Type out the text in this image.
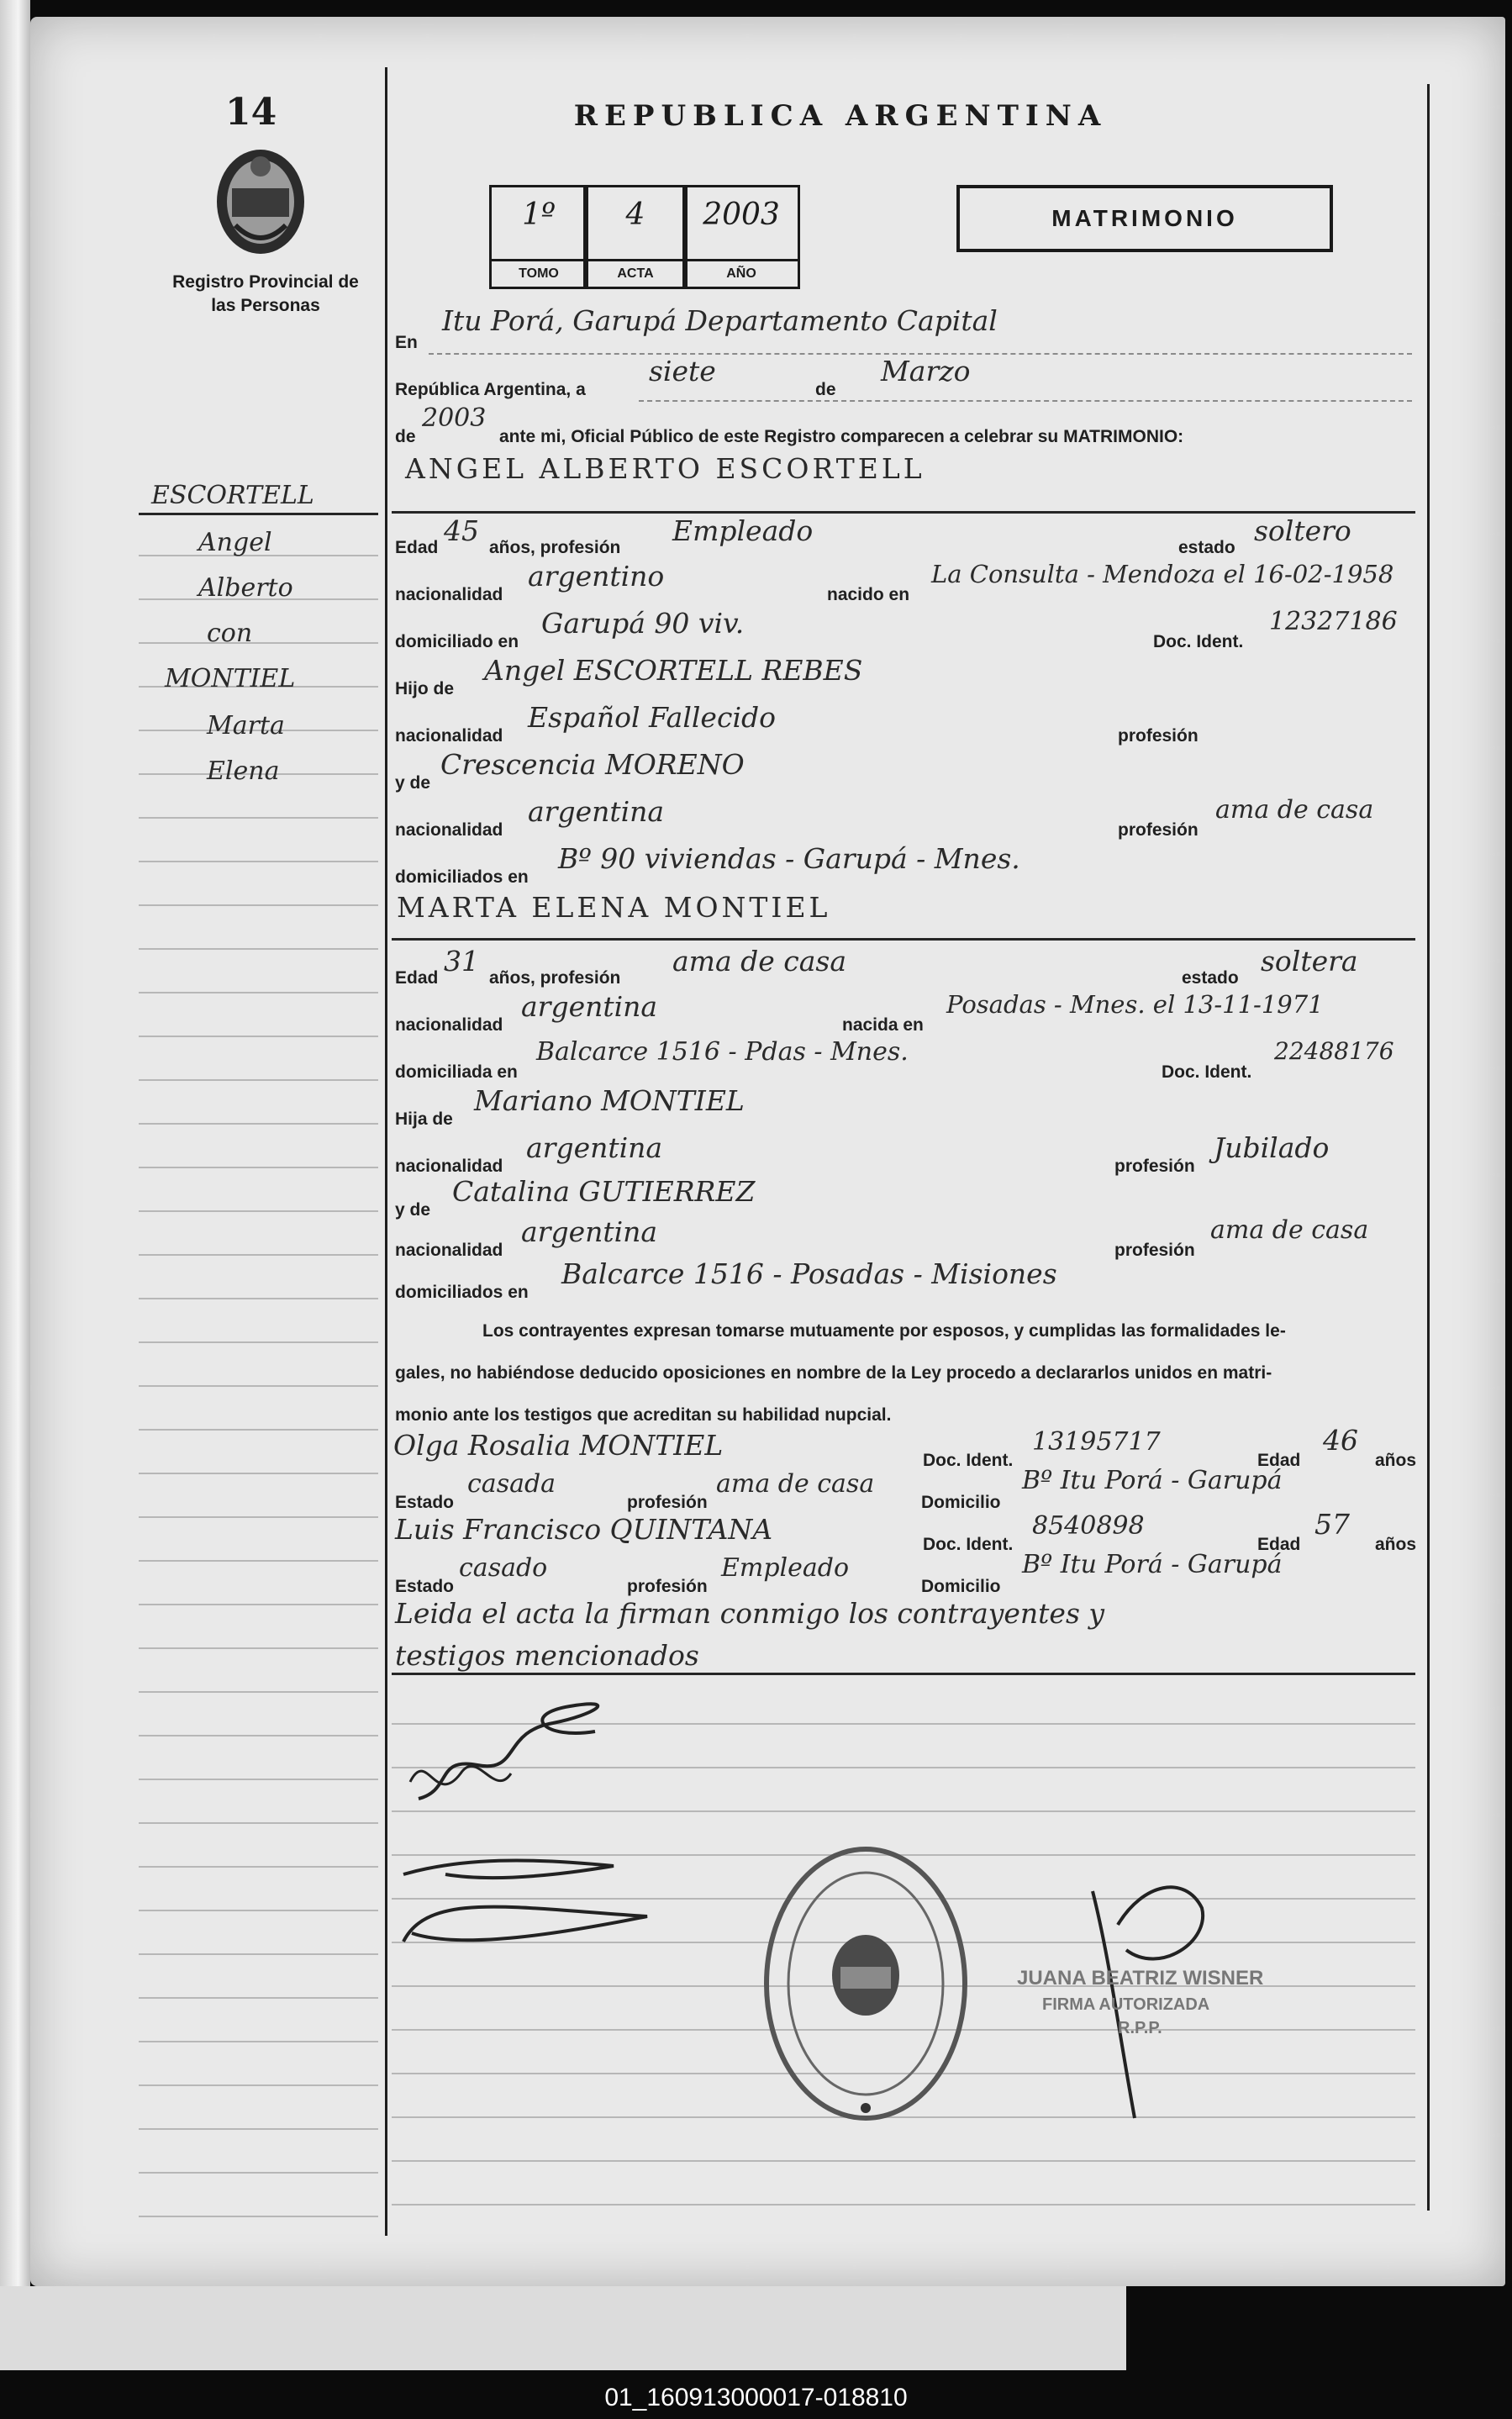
14
Registro Provincial de las Personas
REPUBLICA ARGENTINA
MATRIMONIO
1º
TOMO
4
ACTA
2003
AÑO
En
Itu Porá, Garupá Departamento Capital
República Argentina, a
siete
de
Marzo
de
2003
ante mi, Oficial Público de este Registro comparecen a celebrar su MATRIMONIO:
ANGEL ALBERTO ESCORTELL
Edad
45
años, profesión
Empleado
estado
soltero
nacionalidad
argentino
nacido en
La Consulta - Mendoza el 16-02-1958
domiciliado en
Garupá 90 viv.
Doc. Ident.
12327186
Hijo de
Angel ESCORTELL REBES
nacionalidad
Español Fallecido
profesión
y de
Crescencia MORENO
nacionalidad
argentina
profesión
ama de casa
domiciliados en
Bº 90 viviendas - Garupá - Mnes.
MARTA ELENA MONTIEL
Edad
31
años, profesión
ama de casa
estado
soltera
nacionalidad
argentina
nacida en
Posadas - Mnes. el 13-11-1971
domiciliada en
Balcarce 1516 - Pdas - Mnes.
Doc. Ident.
22488176
Hija de
Mariano MONTIEL
nacionalidad
argentina
profesión
Jubilado
y de
Catalina GUTIERREZ
nacionalidad
argentina
profesión
ama de casa
domiciliados en
Balcarce 1516 - Posadas - Misiones
Los contrayentes expresan tomarse mutuamente por esposos, y cumplidas las formalidades le-
gales, no habiéndose deducido oposiciones en nombre de la Ley procedo a declararlos unidos en matri-
monio ante los testigos que acreditan su habilidad nupcial.
Olga Rosalia MONTIEL	Doc. Ident.
13195717
Edad
46
años
Estado
casada
profesión
ama de casa
Domicilio
Bº Itu Porá - Garupá
Luis Francisco QUINTANA	Doc. Ident.
8540898
Edad
57
años
Estado
casado
profesión
Empleado
Domicilio
Bº Itu Porá - Garupá
Leida el acta la firman conmigo los contrayentes y
testigos mencionados
JUANA BEATRIZ WISNER
FIRMA AUTORIZADA
R.P.P.
01_160913000017-018810
ESCORTELL
Angel
Alberto
con
MONTIEL
Marta
Elena
